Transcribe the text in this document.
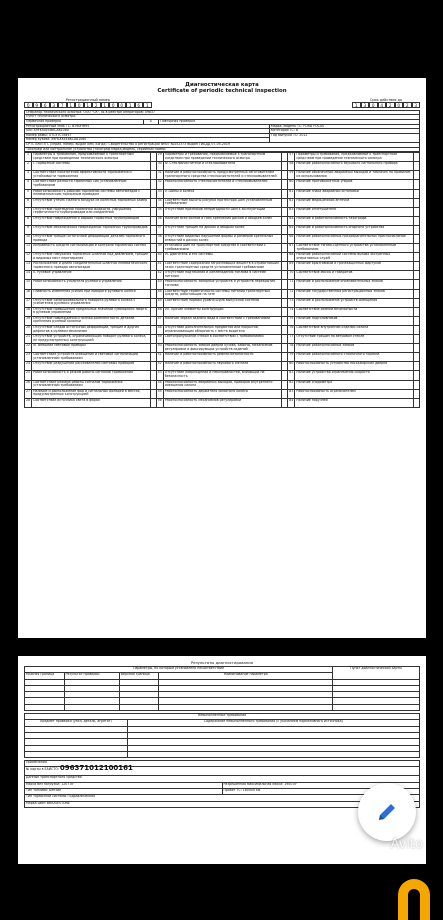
Диагностическая карта
Certificate of periodic technical inspection
Регистрационный номер
0	9	6	3	7	1	0	1	2	1	0	0	1	6	1
Срок действия до
1	3	0	4	2	0	2	3
Оператор технического осмотра: ООО "СК", № в реестре операторов: 09837			
Пункт технического осмотра:			
Первичная проверка	X	Повторная проверка	
Регистрационный знак ТС: В760НН95			Марка, модель ТС: FORD FOCUS
VIN: X9FKXXEEBKCA81060			Категория ТС: В
Номер рамы: ОТСУТСТВУЕТ			Год выпуска ТС: 2012
Номер кузова: X9FKXXEEBKCA81060			
СРТС или ПТС (серия, номер, выдан кем, когда): Свидетельство о регистрации ФЯ07 №452373 выдан ГИБДД 07-05-2019			
Тахограф или контрольное устройство (тахограф марка,модель, серийный номер:			
1	Параметры и требования, предъявляемые к транспортным средствам при проведении технического осмотра		29	Параметры и требования, предъявляемые к транспортным средствам при проведении технического осмотра		57	Параметры и требования, предъявляемые к транспортным средствам при проведении технического осмотра	
2	I. Тормозные системы		30	IV. Стеклоочистители и стеклоомыватели		58	Наличие работоспособного звукового сигнального прибора	
3	Соответствие показателей эффективности торможения и устойчивости торможения		31	Наличие и работоспособность предусмотренных изготовителем транспортного средства стеклоочистителей и стеклоомывателей		59	Наличие обозначений аварийных выходов и табличек по правилам их использования	
4	Соответствие разности тормозных сил установленным требованиям		32	Работоспособность стеклоочистителей и стеклоомывателей		60	Наличие противоскатных упоров	
5	Работоспособность рабочей тормозной системы автопоездов с пневматическим тормозным приводом		33	V. Шины и колеса		61	Наличие знака аварийной остановки	
6	Отсутствие утечек сжатого воздуха из колесных тормозных камер		34	Соответствие высоты рисунка протектора шин установленным требованиям		62	Наличие медицинской аптечки	
7	Отсутствие подтеканий тормозной жидкости, нарушения герметичности трубопроводов или соединений		35	Отсутствие признаков непригодности шин к эксплуатации		63	Наличие огнетушителя	
8	Отсутствие повреждений и обрыва тормозных трубопроводов		36	Наличие всех болтов и гаек крепления дисков и ободьев колес		64	Наличие и работоспособность тахографа	
9	Отсутствие механических повреждений тормозных трубопроводов		37	Отсутствие трещин на дисках и ободьях колес		65	Наличие и работоспособность опорного устройства	
10	Отсутствие трещин остаточной деформации деталей тормозного привода		38	Отсутствие видимых нарушений формы и размеров крепежных отверстий в дисках колес		66	Наличие работоспособных предохранительных приспособлений	
11	Исправность средств сигнализации и контроля тормозных систем		39	Установка шин на транспортное средство в соответствии с требованиями		67	Соответствие тягово-сцепного устройства установленным требованиям	
12	Отсутствие набухания тормозных шлангов под давлением, трещин и видимых мест перетирания		40	VI. Двигатель и его системы		68	Наличие работоспособной системы вызова экстренных оперативных служб	
13	Расположение и длина соединительных шлангов пневматического тормозного привода автопоездов		41	Соответствие содержания загрязняющих веществ в отработавших газах транспортных средств установленным требованиям		69	Наличие брызговиков и грязезащитных фартуков	
14	II. Рулевое управление		42	Отсутствие подтекания и каплепадения топлива в системе питания		70	Соответствие массы и габаритов	
15	Работоспособность усилителя рулевого управления		43	Работоспособность запорных устройств и устройств перекрытия топлива		71	Наличие и расположение опознавательных знаков	
16	Плавность изменения усилия при повороте рулевого колеса		44	Соответствие герметичности системы питания транспортных средств, работающих на газе		72	Наличие государственных регистрационных знаков	
17	Отсутствие самопроизвольного поворота рулевого колеса с усилителем рулевого управления		45	Соответствие нормам уровня шума выпускной системы		73	Наличие и расположение устройств освещения	
18	Отсутствие превышения предельных значений суммарного люфта в рулевом управлении		46	VII. Прочие элементы конструкции		74	Соответствие ремней безопасности	
19	Отсутствие повреждения и полная комплектность деталей крепления рулевой колонки		47	Наличие зеркал заднего вида в соответствии с требованиями		75	Наличие подголовников	
20	Отсутствие следов остаточной деформации, трещин и других дефектов в рулевом механизме		48	Отсутствие дополнительных предметов или покрытий, ограничивающих обзорность с места водителя		76	Соответствие внутренней отделки салона	
21	Отсутствие устройств, ограничивающих поворот рулевого колеса, не предусмотренных конструкцией		49	Светопропускание стекол в соответствии с требованиями		77	Отсутствие трещин на ветровом стекле	
22	III. Внешние световые приборы		50	Работоспособность замков дверей кузова, кабины, механизмов регулировки и фиксирующих устройств сидений		78	Наличие работоспособных замков	
23	Соответствие устройств освещения и световой сигнализации установленным требованиям		51	Наличие и работоспособность ремней безопасности		79	Наличие работоспособного стояночного тормоза	
24	Отсутствие разрушений рассеивателей световых приборов		52	Наличие и работоспособность звукового сигнала		80	Работоспособность устройства пассажирских дверей	
25	Работоспособность и режим работы сигналов торможения		53	Отсутствие повреждений и неисправностей, влияющих на безопасность		81	Наличие устройства ограничения скорости	
26	Соответствие режима работы сигналов торможения установленным требованиям		54	Работоспособность аварийных выходов, приборов внутреннего освещения салона		82	Наличие спидометра	
27	Наличие и расположение фар и сигнальных фонарей в местах, предусмотренных конструкцией		55	Работоспособность держателя запасного колеса		83	Работоспособность ограничителей	
28	Соответствие источника света в фарах		56	Работоспособность механизмов регулировки		84	Наличие поручней	
Результаты диагностирования
Параметры, по которым установлено несоответствие				Пункт диагностической карты
Нижняя граница	Результат проверки	Верхняя граница	Наименование параметра	

Невыполненные требования	
Предмет проверки (узел, деталь, агрегат)	Содержание невыполненного требования (с указанием нормативного источника)

Примечания	
№ карты в ЕАИСТО: 096371012100161	
Данные транспортного средства	
Масса без нагрузки: 1207 кг	Разрешенная максимальная масса: 1900 кг
Тип топлива: Бензин	Пробег ТС: 180000 км
Тип тормозной системы Гидравлическая	
Марка шин: BRIDGESTONE	
Avito
